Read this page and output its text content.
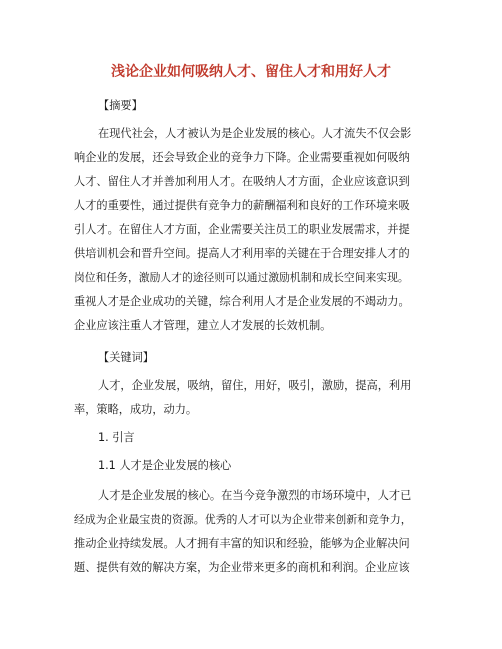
浅论企业如何吸纳人才、留住人才和用好人才
【摘要】
在现代社会，人才被认为是企业发展的核心。人才流失不仅会影
响企业的发展，还会导致企业的竞争力下降。企业需要重视如何吸纳
人才、留住人才并善加利用人才。在吸纳人才方面，企业应该意识到
人才的重要性，通过提供有竞争力的薪酬福利和良好的工作环境来吸
引人才。在留住人才方面，企业需要关注员工的职业发展需求，并提
供培训机会和晋升空间。提高人才利用率的关键在于合理安排人才的
岗位和任务，激励人才的途径则可以通过激励机制和成长空间来实现。
重视人才是企业成功的关键，综合利用人才是企业发展的不竭动力。
企业应该注重人才管理，建立人才发展的长效机制。
【关键词】
人才，企业发展，吸纳，留住，用好，吸引，激励，提高，利用
率，策略，成功，动力。
1. 引言
1.1 人才是企业发展的核心
人才是企业发展的核心。在当今竞争激烈的市场环境中，人才已
经成为企业最宝贵的资源。优秀的人才可以为企业带来创新和竞争力，
推动企业持续发展。人才拥有丰富的知识和经验，能够为企业解决问
题、提供有效的解决方案，为企业带来更多的商机和利润。企业应该
